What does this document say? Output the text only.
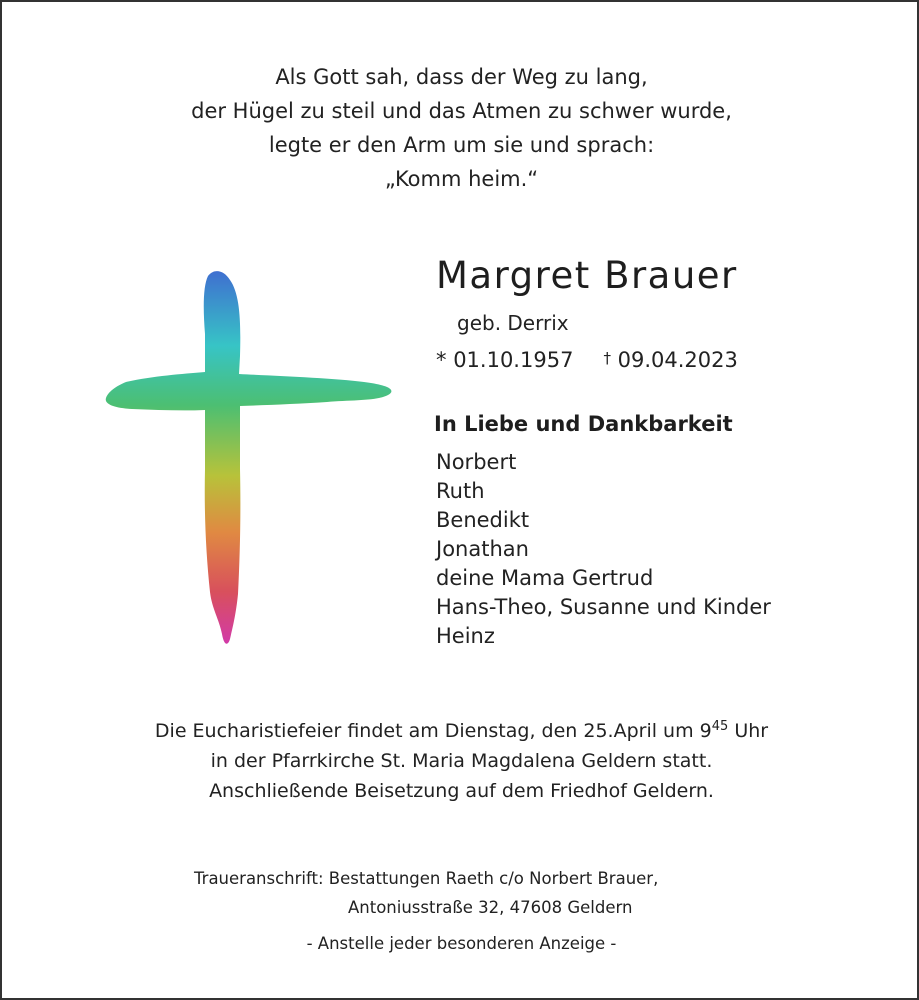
Als Gott sah, dass der Weg zu lang,
der Hügel zu steil und das Atmen zu schwer wurde,
legte er den Arm um sie und sprach:
„Komm heim.“
Margret Brauer
geb. Derrix
* 01.10.1957 † 09.04.2023
In Liebe und Dankbarkeit
Norbert
Ruth
Benedikt
Jonathan
deine Mama Gertrud
Hans-Theo, Susanne und Kinder
Heinz
Die Eucharistiefeier findet am Dienstag, den 25.April um $9^{45}$ Uhr
in der Pfarrkirche St. Maria Magdalena Geldern statt.
Anschließende Beisetzung auf dem Friedhof Geldern.
Traueranschrift: Bestattungen Raeth c/o Norbert Brauer,
Antoniusstraße 32, 47608 Geldern
- Anstelle jeder besonderen Anzeige -
